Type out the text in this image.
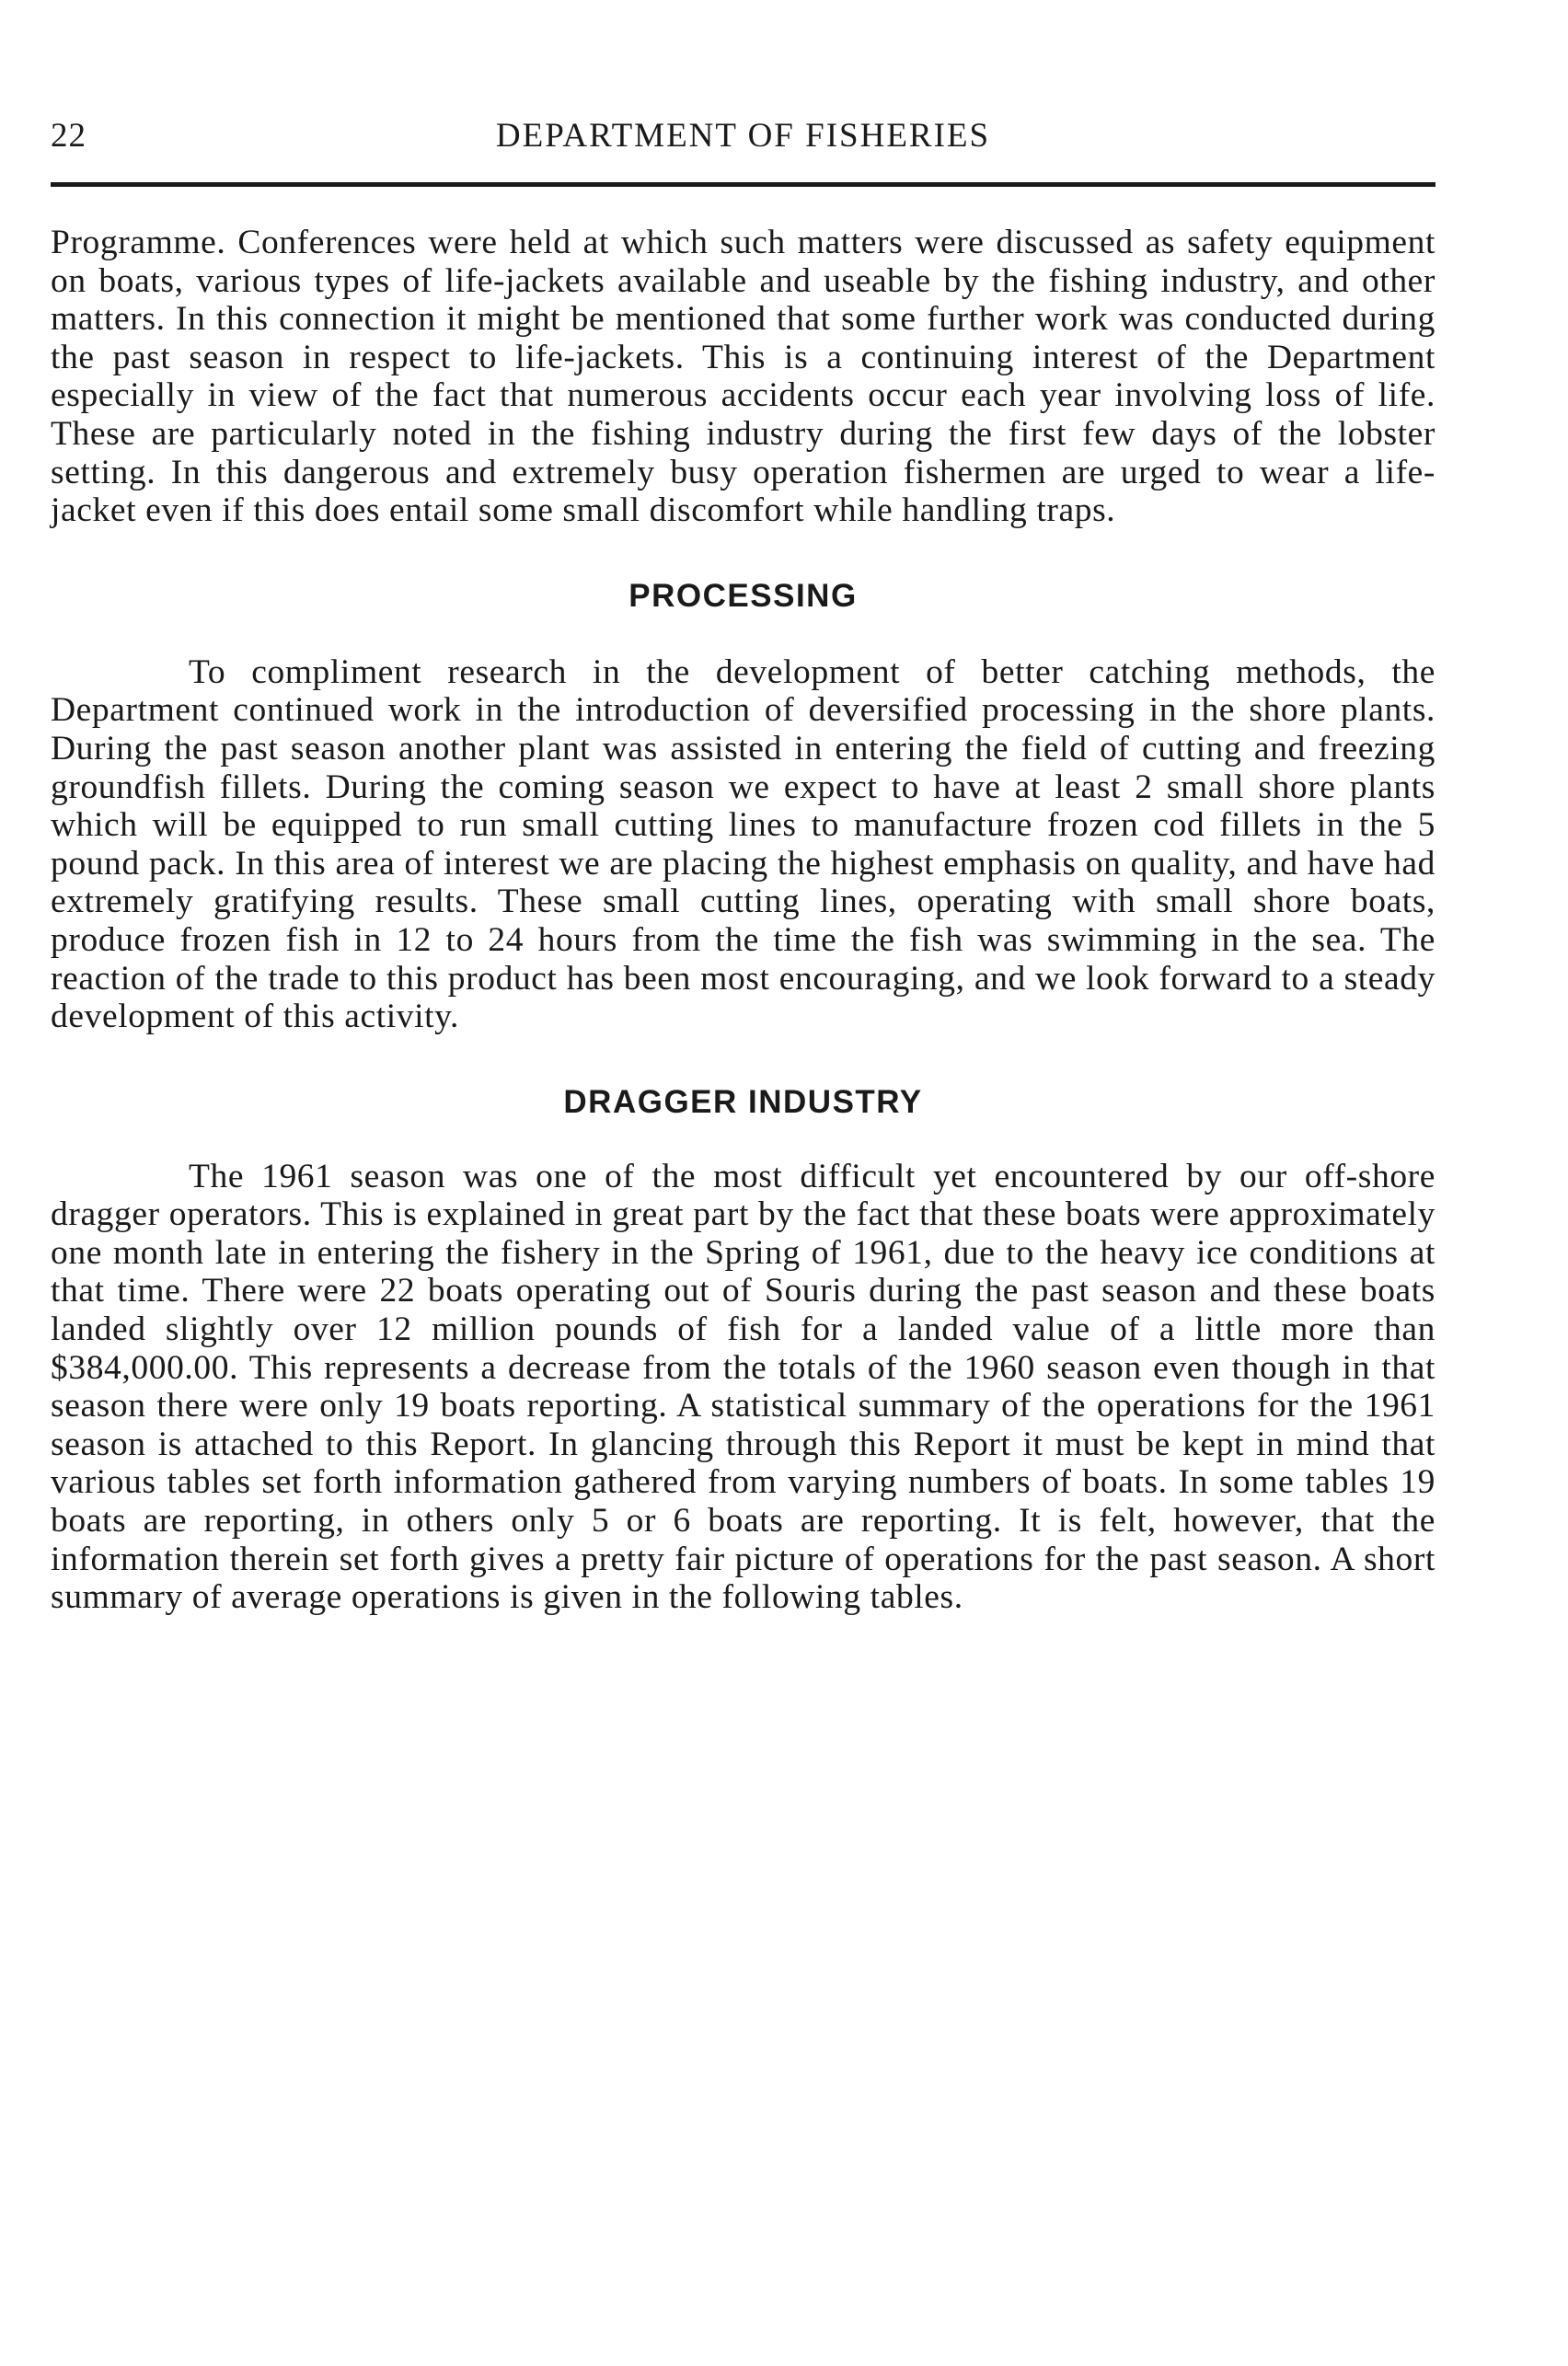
22	DEPARTMENT OF FISHERIES

Programme. Conferences were held at which such matters were discussed as safety equipment on boats, various types of life-jackets available and useable by the fishing industry, and other matters. In this connection it might be mentioned that some further work was conducted during the past season in respect to life-jackets. This is a continuing interest of the Department especially in view of the fact that numerous accidents occur each year involving loss of life. These are particularly noted in the fishing industry during the first few days of the lobster setting. In this dangerous and extremely busy operation fishermen are urged to wear a life-jacket even if this does entail some small discomfort while handling traps.

PROCESSING

To compliment research in the development of better catching methods, the Department continued work in the introduction of deversified processing in the shore plants. During the past season another plant was assisted in entering the field of cutting and freezing groundfish fillets. During the coming season we expect to have at least 2 small shore plants which will be equipped to run small cutting lines to manufacture frozen cod fillets in the 5 pound pack. In this area of interest we are placing the highest emphasis on quality, and have had extremely gratifying results. These small cutting lines, operating with small shore boats, produce frozen fish in 12 to 24 hours from the time the fish was swimming in the sea. The reaction of the trade to this product has been most encouraging, and we look forward to a steady development of this activity.

DRAGGER INDUSTRY

The 1961 season was one of the most difficult yet encountered by our off-shore dragger operators. This is explained in great part by the fact that these boats were approximately one month late in entering the fishery in the Spring of 1961, due to the heavy ice conditions at that time. There were 22 boats operating out of Souris during the past season and these boats landed slightly over 12 million pounds of fish for a landed value of a little more than $384,000.00. This represents a decrease from the totals of the 1960 season even though in that season there were only 19 boats reporting. A statistical summary of the operations for the 1961 season is attached to this Report. In glancing through this Report it must be kept in mind that various tables set forth information gathered from varying numbers of boats. In some tables 19 boats are reporting, in others only 5 or 6 boats are reporting. It is felt, however, that the information therein set forth gives a pretty fair picture of operations for the past season. A short summary of average operations is given in the following tables.
